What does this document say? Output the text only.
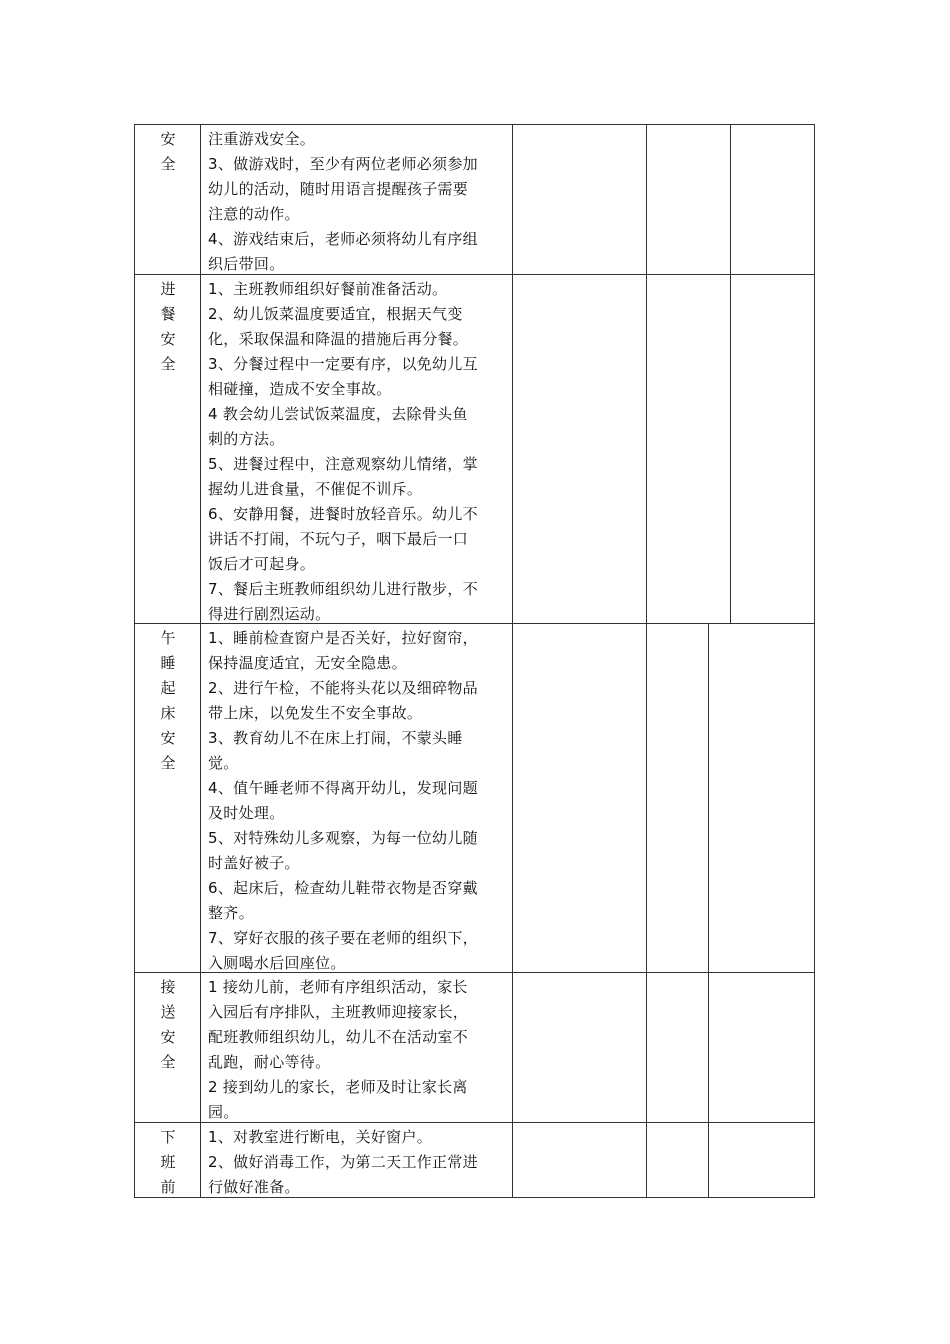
安
全

注重游戏安全。

3、做游戏时，至少有两位老师必须参加

幼儿的活动，随时用语言提醒孩子需要

注意的动作。

4、游戏结束后，老师必须将幼儿有序组

织后带回。

进
餐
安
全

1、主班教师组织好餐前准备活动。

2、幼儿饭菜温度要适宜，根据天气变

化，采取保温和降温的措施后再分餐。

3、分餐过程中一定要有序，以免幼儿互

相碰撞，造成不安全事故。

4 教会幼儿尝试饭菜温度，去除骨头鱼

刺的方法。

5、进餐过程中，注意观察幼儿情绪，掌

握幼儿进食量，不催促不训斥。

6、安静用餐，进餐时放轻音乐。幼儿不

讲话不打闹，不玩勺子，咽下最后一口

饭后才可起身。

7、餐后主班教师组织幼儿进行散步，不

得进行剧烈运动。

午
睡
起
床
安
全

1、睡前检查窗户是否关好，拉好窗帘，

保持温度适宜，无安全隐患。

2、进行午检，不能将头花以及细碎物品

带上床，以免发生不安全事故。

3、教育幼儿不在床上打闹，不蒙头睡

觉。

4、值午睡老师不得离开幼儿，发现问题

及时处理。

5、对特殊幼儿多观察，为每一位幼儿随

时盖好被子。

6、起床后，检查幼儿鞋带衣物是否穿戴

整齐。

7、穿好衣服的孩子要在老师的组织下，

入厕喝水后回座位。

接
送
安
全

1 接幼儿前，老师有序组织活动，家长

入园后有序排队，主班教师迎接家长，

配班教师组织幼儿，幼儿不在活动室不

乱跑，耐心等待。

2 接到幼儿的家长，老师及时让家长离

园。

下
班
前

1、对教室进行断电，关好窗户。

2、做好消毒工作，为第二天工作正常进

行做好准备。
